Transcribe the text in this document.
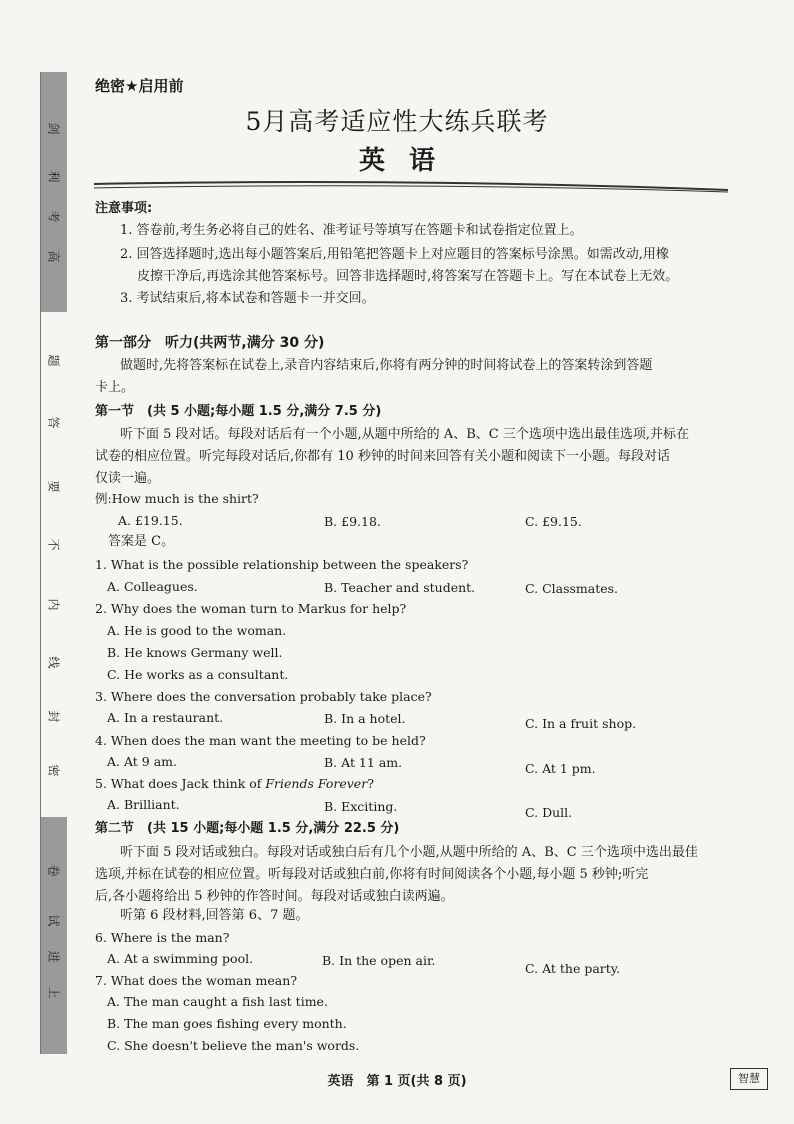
剑
利
考
高
题
答
要
不
内
线
封
密
卷
试
进
上
绝密★启用前
5月高考适应性大练兵联考
英语
注意事项:
1. 答卷前,考生务必将自己的姓名、准考证号等填写在答题卡和试卷指定位置上。
2. 回答选择题时,选出每小题答案后,用铅笔把答题卡上对应题目的答案标号涂黑。如需改动,用橡
皮擦干净后,再选涂其他答案标号。回答非选择题时,将答案写在答题卡上。写在本试卷上无效。
3. 考试结束后,将本试卷和答题卡一并交回。
第一部分　听力(共两节,满分 30 分)
做题时,先将答案标在试卷上,录音内容结束后,你将有两分钟的时间将试卷上的答案转涂到答题
卡上。
第一节　(共 5 小题;每小题 1.5 分,满分 7.5 分)
听下面 5 段对话。每段对话后有一个小题,从题中所给的 A、B、C 三个选项中选出最佳选项,并标在
试卷的相应位置。听完每段对话后,你都有 10 秒钟的时间来回答有关小题和阅读下一小题。每段对话
仅读一遍。
例:How much is the shirt?
A. £19.15.	B. £9.18.	C. £9.15.
答案是 C。
1. What is the possible relationship between the speakers?
A. Colleagues.	B. Teacher and student.	C. Classmates.
2. Why does the woman turn to Markus for help?
A. He is good to the woman.
B. He knows Germany well.
C. He works as a consultant.
3. Where does the conversation probably take place?
A. In a restaurant.	B. In a hotel.	C. In a fruit shop.
4. When does the man want the meeting to be held?
A. At 9 am.	B. At 11 am.	C. At 1 pm.
5. What does Jack think of Friends Forever?
A. Brilliant.	B. Exciting.	C. Dull.
第二节　(共 15 小题;每小题 1.5 分,满分 22.5 分)
听下面 5 段对话或独白。每段对话或独白后有几个小题,从题中所给的 A、B、C 三个选项中选出最佳
选项,并标在试卷的相应位置。听每段对话或独白前,你将有时间阅读各个小题,每小题 5 秒钟;听完
后,各小题将给出 5 秒钟的作答时间。每段对话或独白读两遍。
听第 6 段材料,回答第 6、7 题。
6. Where is the man?
A. At a swimming pool.	B. In the open air.
C. At the party.
7. What does the woman mean?
A. The man caught a fish last time.
B. The man goes fishing every month.
C. She doesn't believe the man's words.
英语　第 1 页(共 8 页)	智慧
